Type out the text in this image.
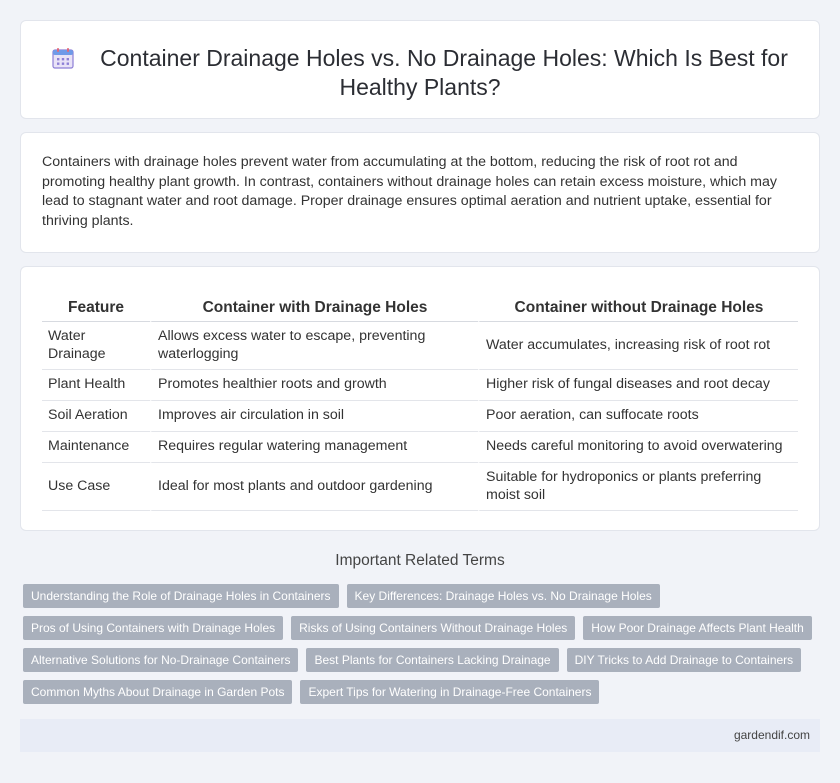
Container Drainage Holes vs. No Drainage Holes: Which Is Best for Healthy Plants?

Containers with drainage holes prevent water from accumulating at the bottom, reducing the risk of root rot and promoting healthy plant growth. In contrast, containers without drainage holes can retain excess moisture, which may lead to stagnant water and root damage. Proper drainage ensures optimal aeration and nutrient uptake, essential for thriving plants.

Feature	Container with Drainage Holes	Container without Drainage Holes
Water Drainage	Allows excess water to escape, preventing waterlogging	Water accumulates, increasing risk of root rot
Plant Health	Promotes healthier roots and growth	Higher risk of fungal diseases and root decay
Soil Aeration	Improves air circulation in soil	Poor aeration, can suffocate roots
Maintenance	Requires regular watering management	Needs careful monitoring to avoid overwatering
Use Case	Ideal for most plants and outdoor gardening	Suitable for hydroponics or plants preferring moist soil
Important Related Terms
Understanding the Role of Drainage Holes in Containers	Key Differences: Drainage Holes vs. No Drainage Holes
Pros of Using Containers with Drainage Holes	Risks of Using Containers Without Drainage Holes	How Poor Drainage Affects Plant Health
Alternative Solutions for No-Drainage Containers	Best Plants for Containers Lacking Drainage	DIY Tricks to Add Drainage to Containers
Common Myths About Drainage in Garden Pots	Expert Tips for Watering in Drainage-Free Containers
gardendif.com
